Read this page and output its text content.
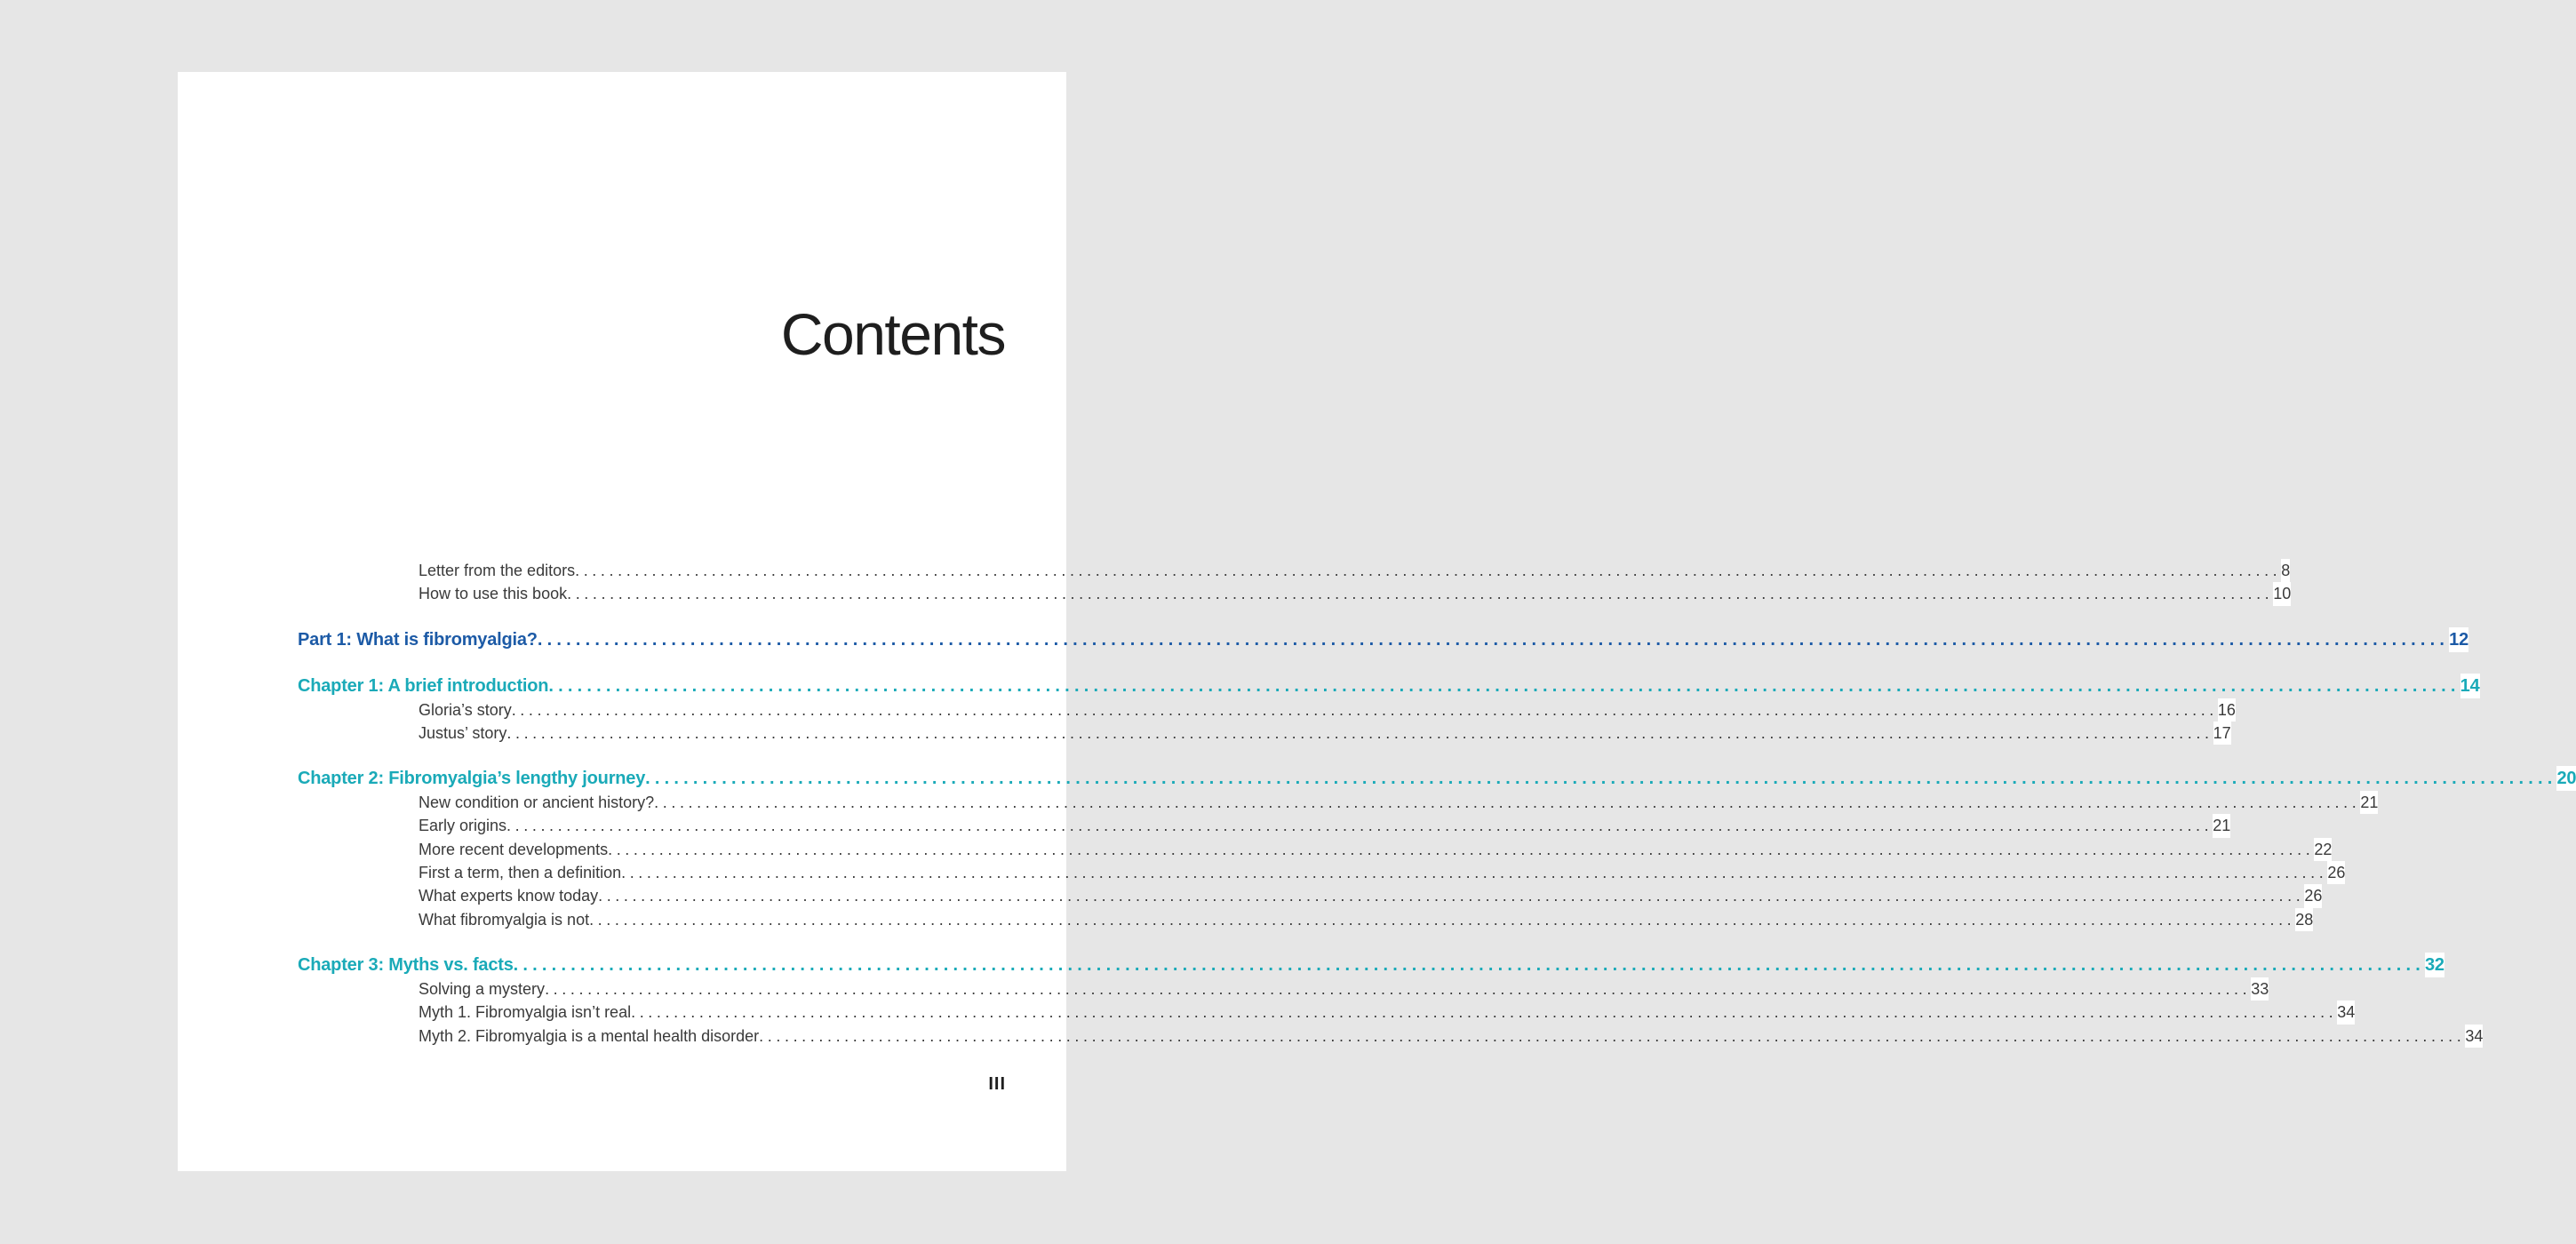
Contents
Letter from the editors ........................................................................................................................................................................................................ 8
How to use this book ........................................................................................................................................................................................................ 10
Part 1: What is fibromyalgia? ........................................................................................................................................................................................................ 12
Chapter 1: A brief introduction ........................................................................................................................................................................................................ 14
Gloria’s story ........................................................................................................................................................................................................ 16
Justus’ story ........................................................................................................................................................................................................ 17
Chapter 2: Fibromyalgia’s lengthy journey ........................................................................................................................................................................................................ 20
New condition or ancient history? ........................................................................................................................................................................................................ 21
Early origins ........................................................................................................................................................................................................ 21
More recent developments ........................................................................................................................................................................................................ 22
First a term, then a definition ........................................................................................................................................................................................................ 26
What experts know today ........................................................................................................................................................................................................ 26
What fibromyalgia is not ........................................................................................................................................................................................................ 28
Chapter 3: Myths vs. facts ........................................................................................................................................................................................................ 32
Solving a mystery ........................................................................................................................................................................................................ 33
Myth 1. Fibromyalgia isn’t real ........................................................................................................................................................................................................ 34
Myth 2. Fibromyalgia is a mental health disorder ........................................................................................................................................................................................................ 34
III
